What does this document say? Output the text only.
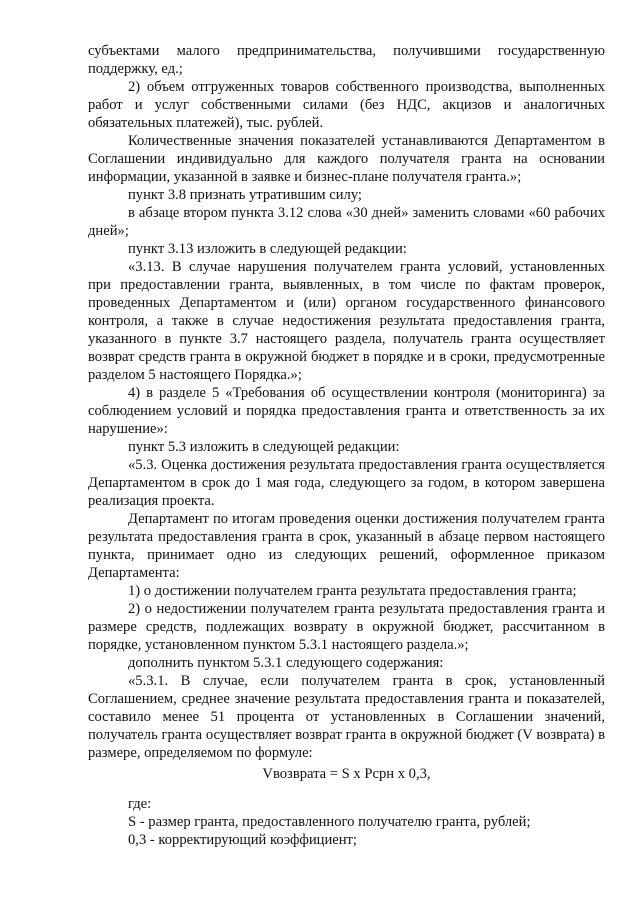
субъектами малого предпринимательства, получившими государственную поддержку, ед.;

2) объем отгруженных товаров собственного производства, выполненных работ и услуг собственными силами (без НДС, акцизов и аналогичных обязательных платежей), тыс. рублей.

Количественные значения показателей устанавливаются Департаментом в Соглашении индивидуально для каждого получателя гранта на основании информации, указанной в заявке и бизнес-плане получателя гранта.»;

пункт 3.8 признать утратившим силу;

в абзаце втором пункта 3.12 слова «30 дней» заменить словами «60 рабочих дней»;

пункт 3.13 изложить в следующей редакции:

«3.13. В случае нарушения получателем гранта условий, установленных при предоставлении гранта, выявленных, в том числе по фактам проверок, проведенных Департаментом и (или) органом государственного финансового контроля, а также в случае недостижения результата предоставления гранта, указанного в пункте 3.7 настоящего раздела, получатель гранта осуществляет возврат средств гранта в окружной бюджет в порядке и в сроки, предусмотренные разделом 5 настоящего Порядка.»;

4) в разделе 5 «Требования об осуществлении контроля (мониторинга) за соблюдением условий и порядка предоставления гранта и ответственность за их нарушение»:

пункт 5.3 изложить в следующей редакции:

«5.3. Оценка достижения результата предоставления гранта осуществляется Департаментом в срок до 1 мая года, следующего за годом, в котором завершена реализация проекта.

Департамент по итогам проведения оценки достижения получателем гранта результата предоставления гранта в срок, указанный в абзаце первом настоящего пункта, принимает одно из следующих решений, оформленное приказом Департамента:

1) о достижении получателем гранта результата предоставления гранта;

2) о недостижении получателем гранта результата предоставления гранта и размере средств, подлежащих возврату в окружной бюджет, рассчитанном в порядке, установленном пунктом 5.3.1 настоящего раздела.»;

дополнить пунктом 5.3.1 следующего содержания:

«5.3.1. В случае, если получателем гранта в срок, установленный Соглашением, среднее значение результата предоставления гранта и показателей, составило менее 51 процента от установленных в Соглашении значений, получатель гранта осуществляет возврат гранта в окружной бюджет (V возврата) в размере, определяемом по формуле:

Vвозврата = S x Pсрн x 0,3,

где:

S - размер гранта, предоставленного получателю гранта, рублей;

0,3 - корректирующий коэффициент;
